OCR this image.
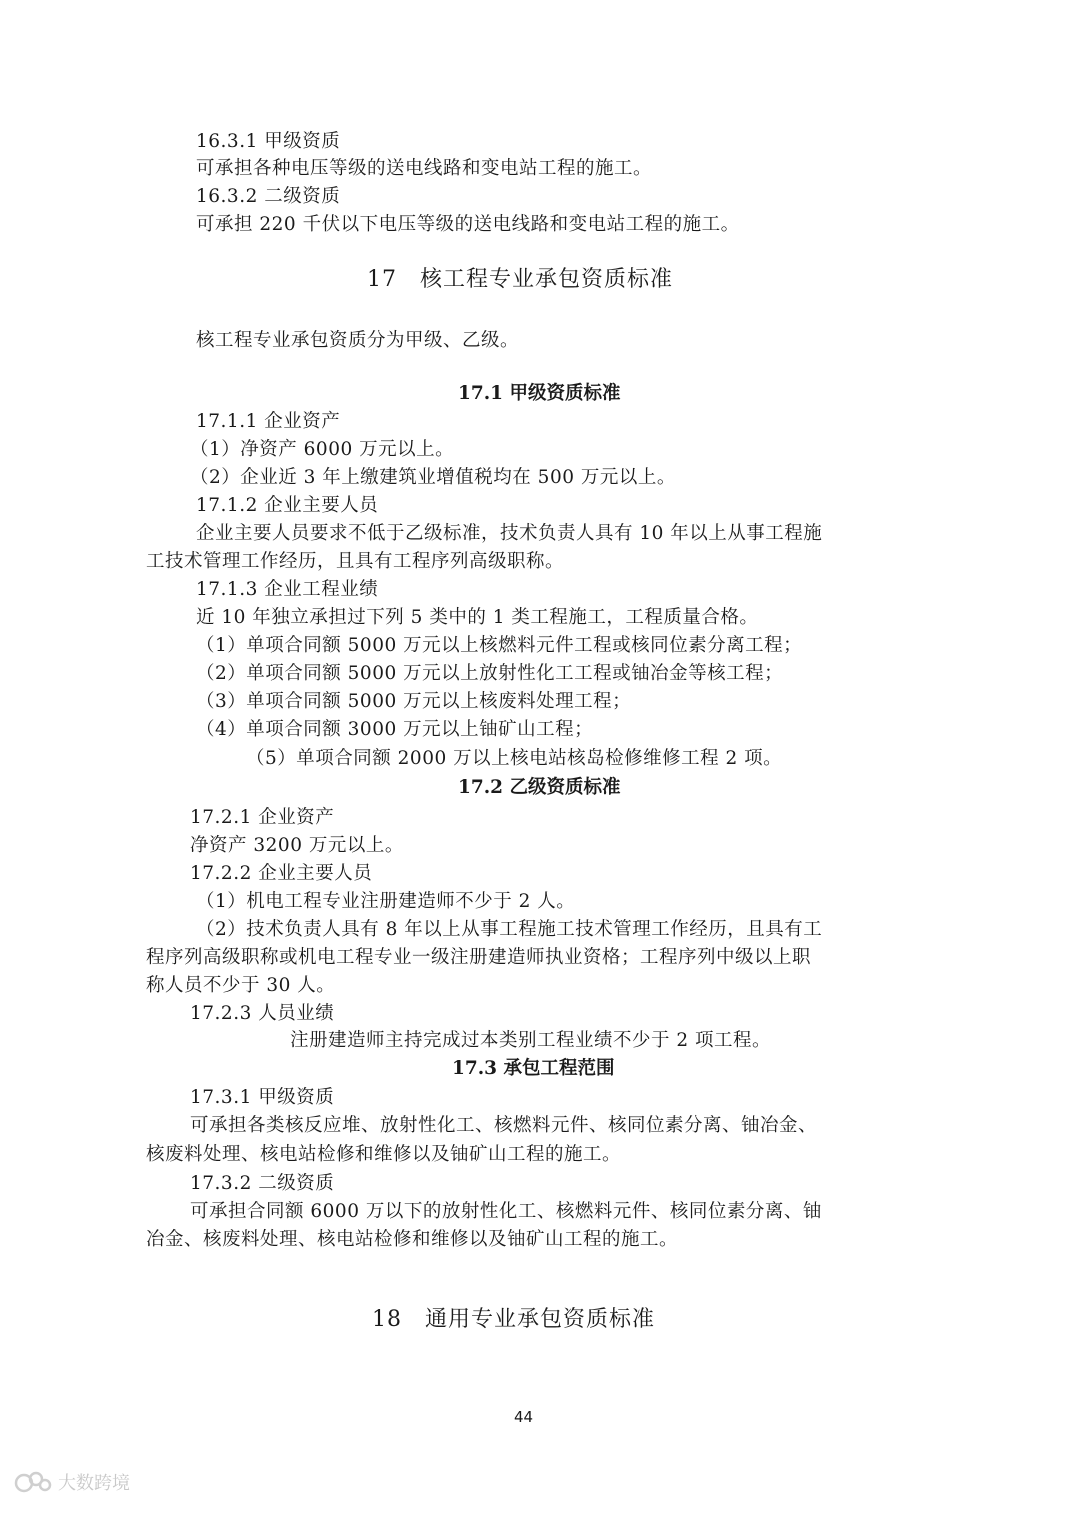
16.3.1 甲级资质
可承担各种电压等级的送电线路和变电站工程的施工。
16.3.2 二级资质
可承担 220 千伏以下电压等级的送电线路和变电站工程的施工。
17　核工程专业承包资质标准
核工程专业承包资质分为甲级、乙级。
17.1 甲级资质标准
17.1.1 企业资产
（1）净资产 6000 万元以上。
（2）企业近 3 年上缴建筑业增值税均在 500 万元以上。
17.1.2 企业主要人员
企业主要人员要求不低于乙级标准，技术负责人具有 10 年以上从事工程施
工技术管理工作经历，且具有工程序列高级职称。
17.1.3 企业工程业绩
近 10 年独立承担过下列 5 类中的 1 类工程施工，工程质量合格。
（1）单项合同额 5000 万元以上核燃料元件工程或核同位素分离工程；
（2）单项合同额 5000 万元以上放射性化工工程或铀冶金等核工程；
（3）单项合同额 5000 万元以上核废料处理工程；
（4）单项合同额 3000 万元以上铀矿山工程；
（5）单项合同额 2000 万以上核电站核岛检修维修工程 2 项。
17.2 乙级资质标准
17.2.1 企业资产
净资产 3200 万元以上。
17.2.2 企业主要人员
（1）机电工程专业注册建造师不少于 2 人。
（2）技术负责人具有 8 年以上从事工程施工技术管理工作经历，且具有工
程序列高级职称或机电工程专业一级注册建造师执业资格；工程序列中级以上职
称人员不少于 30 人。
17.2.3 人员业绩
注册建造师主持完成过本类别工程业绩不少于 2 项工程。
17.3 承包工程范围
17.3.1 甲级资质
可承担各类核反应堆、放射性化工、核燃料元件、核同位素分离、铀冶金、
核废料处理、核电站检修和维修以及铀矿山工程的施工。
17.3.2 二级资质
可承担合同额 6000 万以下的放射性化工、核燃料元件、核同位素分离、铀
冶金、核废料处理、核电站检修和维修以及铀矿山工程的施工。
18　通用专业承包资质标准
44
大数跨境
